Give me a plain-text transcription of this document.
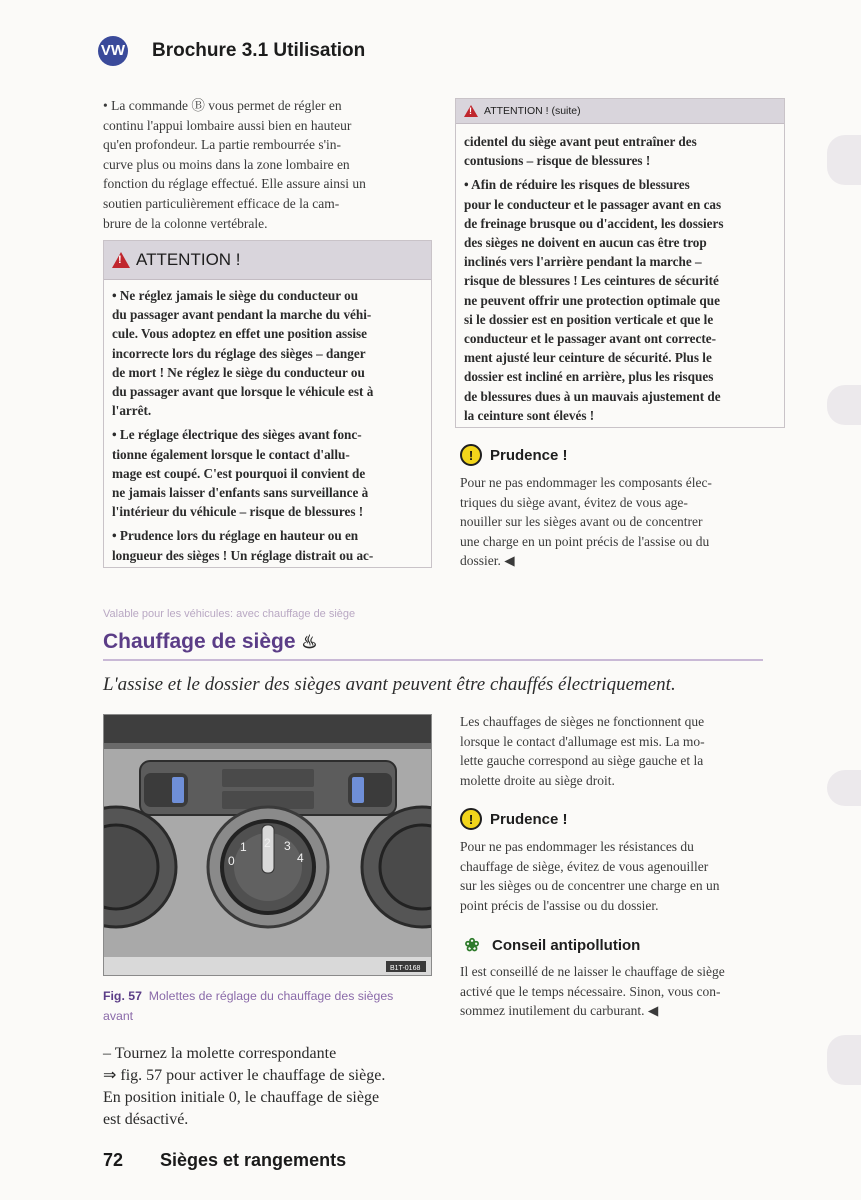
VW Brochure 3.1 Utilisation

• La commande Ⓑ vous permet de régler en

continu l'appui lombaire aussi bien en hauteur

qu'en profondeur. La partie rembourrée s'in-

curve plus ou moins dans la zone lombaire en

fonction du réglage effectué. Elle assure ainsi un

soutien particulièrement efficace de la cam-

brure de la colonne vertébrale.

!
ATTENTION !
• Ne réglez jamais le siège du conducteur ou
du passager avant pendant la marche du véhi-
cule. Vous adoptez en effet une position assise
incorrecte lors du réglage des sièges – danger
de mort ! Ne réglez le siège du conducteur ou
du passager avant que lorsque le véhicule est à
l'arrêt.
• Le réglage électrique des sièges avant fonc-
tionne également lorsque le contact d'allu-
mage est coupé. C'est pourquoi il convient de
ne jamais laisser d'enfants sans surveillance à
l'intérieur du véhicule – risque de blessures !
• Prudence lors du réglage en hauteur ou en
longueur des sièges ! Un réglage distrait ou ac-
!
ATTENTION ! (suite)
cidentel du siège avant peut entraîner des
contusions – risque de blessures !
• Afin de réduire les risques de blessures
pour le conducteur et le passager avant en cas
de freinage brusque ou d'accident, les dossiers
des sièges ne doivent en aucun cas être trop
inclinés vers l'arrière pendant la marche –
risque de blessures ! Les ceintures de sécurité
ne peuvent offrir une protection optimale que
si le dossier est en position verticale et que le
conducteur et le passager avant ont correcte-
ment ajusté leur ceinture de sécurité. Plus le
dossier est incliné en arrière, plus les risques
de blessures dues à un mauvais ajustement de
la ceinture sont élevés !
!	Prudence !

Pour ne pas endommager les composants élec-

triques du siège avant, évitez de vous age-

nouiller sur les sièges avant ou de concentrer

une charge en un point précis de l'assise ou du

dossier. ◀

Valable pour les véhicules: avec chauffage de siège
Chauffage de siège ♨
L'assise et le dossier des sièges avant peuvent être chauffés électriquement.
0
1 2 3
4
B1T-0168
Fig. 57 Molettes de réglage du chauffage des sièges avant

– Tournez la molette correspondante

⇒ fig. 57 pour activer le chauffage de siège.

En position initiale 0, le chauffage de siège

est désactivé.

Les chauffages de sièges ne fonctionnent que

lorsque le contact d'allumage est mis. La mo-

lette gauche correspond au siège gauche et la

molette droite au siège droit.

!	Prudence !

Pour ne pas endommager les résistances du

chauffage de siège, évitez de vous agenouiller

sur les sièges ou de concentrer une charge en un

point précis de l'assise ou du dossier.

❀ Conseil antipollution

Il est conseillé de ne laisser le chauffage de siège

activé que le temps nécessaire. Sinon, vous con-

sommez inutilement du carburant. ◀

72 Sièges et rangements
